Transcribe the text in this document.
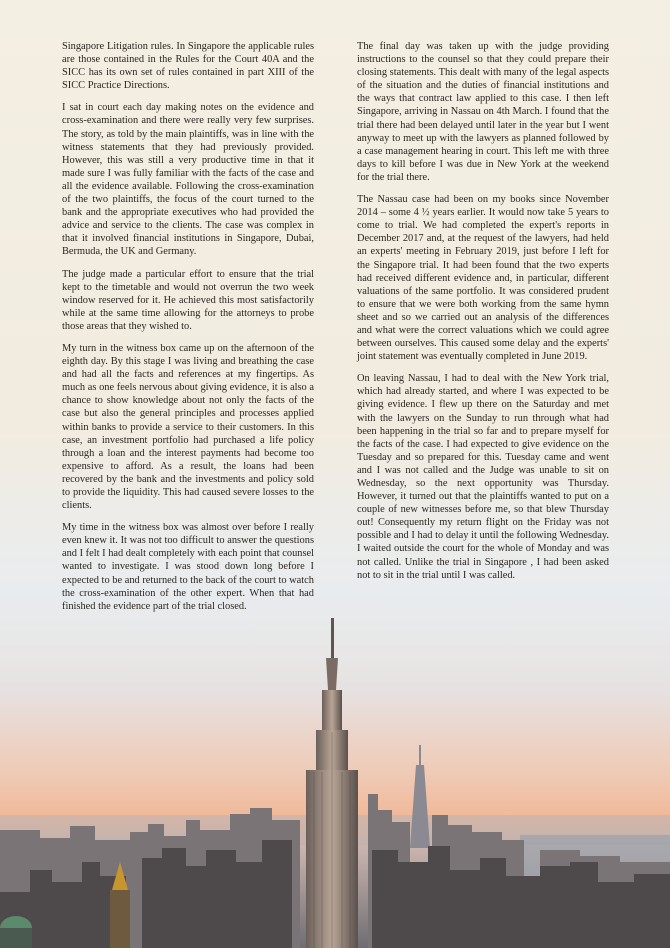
Singapore Litigation rules. In Singapore the applicable rules are those contained in the Rules for the Court 40A and the SICC has its own set of rules contained in part XIII of the SICC Practice Directions.

I sat in court each day making notes on the evidence and cross-examination and there were really very few surprises. The story, as told by the main plaintiffs, was in line with the witness statements that they had previously provided. However, this was still a very productive time in that it made sure I was fully familiar with the facts of the case and all the evidence available. Following the cross-examination of the two plaintiffs, the focus of the court turned to the bank and the appropriate executives who had provided the advice and service to the clients. The case was complex in that it involved financial institutions in Singapore, Dubai, Bermuda, the UK and Germany.

The judge made a particular effort to ensure that the trial kept to the timetable and would not overrun the two week window reserved for it. He achieved this most satisfactorily while at the same time allowing for the attorneys to probe those areas that they wished to.

My turn in the witness box came up on the afternoon of the eighth day. By this stage I was living and breathing the case and had all the facts and references at my fingertips. As much as one feels nervous about giving evidence, it is also a chance to show knowledge about not only the facts of the case but also the general principles and processes applied within banks to provide a service to their customers. In this case, an investment portfolio had purchased a life policy through a loan and the interest payments had become too expensive to afford. As a result, the loans had been recovered by the bank and the investments and policy sold to provide the liquidity. This had caused severe losses to the clients.

My time in the witness box was almost over before I really even knew it. It was not too difficult to answer the questions and I felt I had dealt completely with each point that counsel wanted to investigate. I was stood down long before I expected to be and returned to the back of the court to watch the cross-examination of the other expert. When that had finished the evidence part of the trial closed.

The final day was taken up with the judge providing instructions to the counsel so that they could prepare their closing statements. This dealt with many of the legal aspects of the situation and the duties of financial institutions and the ways that contract law applied to this case. I then left Singapore, arriving in Nassau on 4th March. I found that the trial there had been delayed until later in the year but I went anyway to meet up with the lawyers as planned followed by a case management hearing in court. This left me with three days to kill before I was due in New York at the weekend for the trial there.

The Nassau case had been on my books since November 2014 – some 4 ½ years earlier. It would now take 5 years to come to trial. We had completed the expert's reports in December 2017 and, at the request of the lawyers, had held an experts' meeting in February 2019, just before I left for the Singapore trial. It had been found that the two experts had received different evidence and, in particular, different valuations of the same portfolio. It was considered prudent to ensure that we were both working from the same hymn sheet and so we carried out an analysis of the differences and what were the correct valuations which we could agree between ourselves. This caused some delay and the experts' joint statement was eventually completed in June 2019.

On leaving Nassau, I had to deal with the New York trial, which had already started, and where I was expected to be giving evidence. I flew up there on the Saturday and met with the lawyers on the Sunday to run through what had been happening in the trial so far and to prepare myself for the facts of the case. I had expected to give evidence on the Tuesday and so prepared for this. Tuesday came and went and I was not called and the Judge was unable to sit on Wednesday, so the next opportunity was Thursday. However, it turned out that the plaintiffs wanted to put on a couple of new witnesses before me, so that blew Thursday out! Consequently my return flight on the Friday was not possible and I had to delay it until the following Wednesday. I waited outside the court for the whole of Monday and was not called. Unlike the trial in Singapore , I had been asked not to sit in the trial until I was called.
